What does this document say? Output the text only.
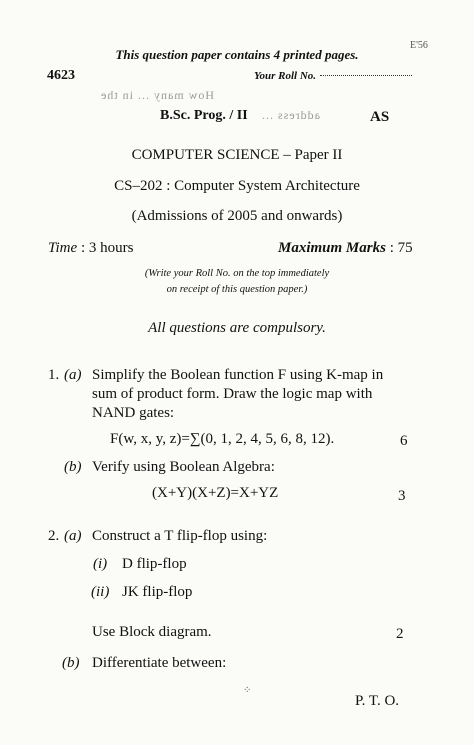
This question paper contains 4 printed pages.
E'56
4623	Your Roll No.
How many ... in the
B.Sc. Prog. / II address ...	AS
COMPUTER SCIENCE – Paper II
CS–202 : Computer System Architecture
(Admissions of 2005 and onwards)
Time : 3 hours	Maximum Marks : 75
(Write your Roll No. on the top immediately
on receipt of this question paper.)
All questions are compulsory.
1. (a) Simplify the Boolean function F using K-map in
sum of product form. Draw the logic map with
NAND gates:
F(w, x, y, z)=∑(0, 1, 2, 4, 5, 6, 8, 12).	6
(b) Verify using Boolean Algebra:
(X+Y)(X+Z)=X+YZ	3
2. (a) Construct a T flip-flop using:
(i) D flip-flop
(ii) JK flip-flop
Use Block diagram.	2
(b) Differentiate between:
⁘
P. T. O.
